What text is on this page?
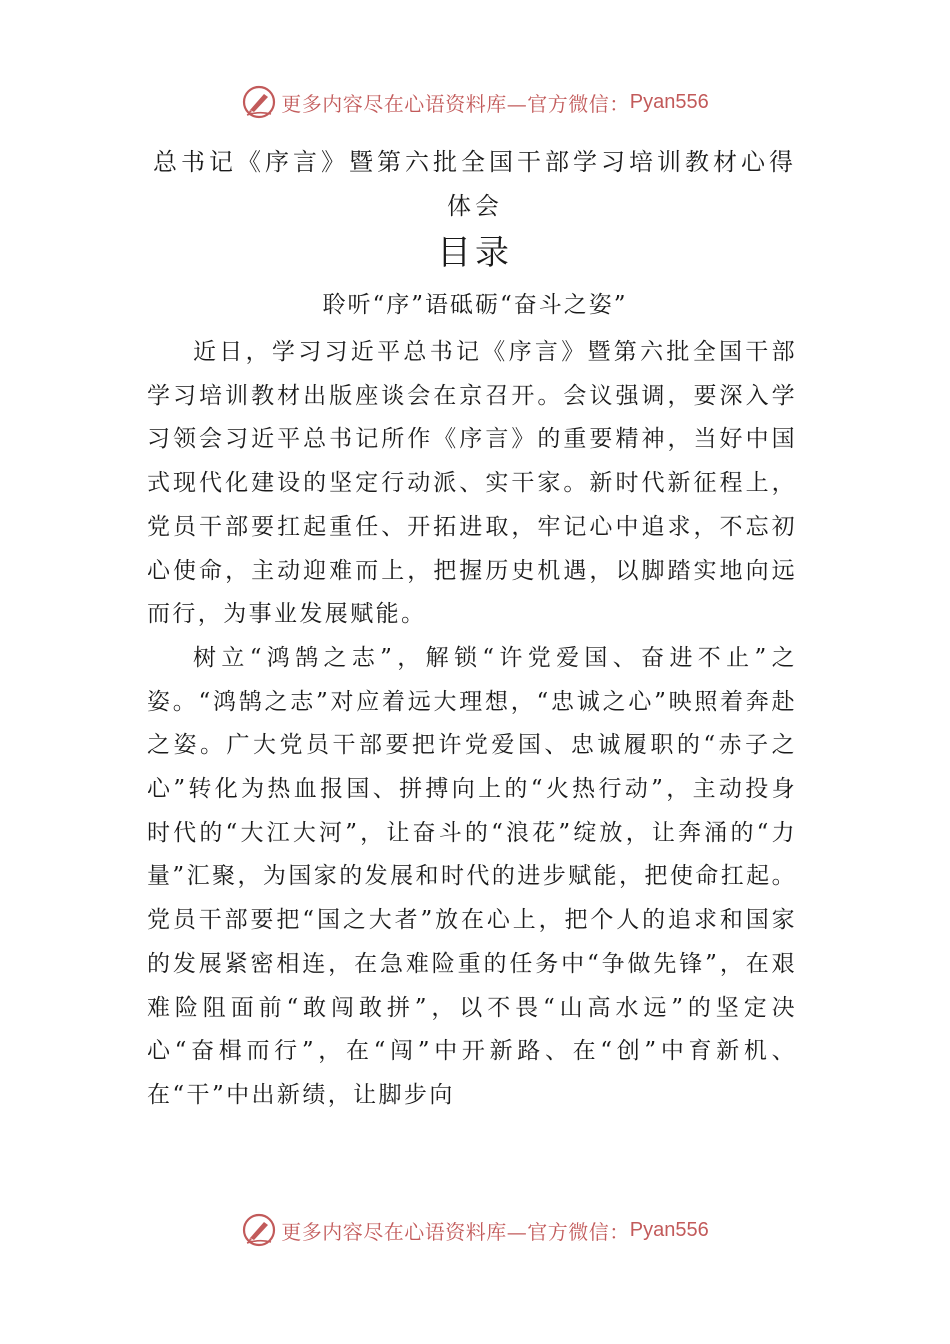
更多内容尽在心语资料库—官方微信： Pyan556
总书记《序言》暨第六批全国干部学习培训教材心得体会
目录
聆听“序”语砥砺“奋斗之姿”

近日，学习习近平总书记《序言》暨第六批全国干部学习培训教材出版座谈会在京召开。会议强调，要深入学习领会习近平总书记所作《序言》的重要精神，当好中国式现代化建设的坚定行动派、实干家。新时代新征程上，党员干部要扛起重任、开拓进取，牢记心中追求，不忘初心使命，主动迎难而上，把握历史机遇，以脚踏实地向远而行，为事业发展赋能。

树立“鸿鹄之志”，解锁“许党爱国、奋进不止”之姿。“鸿鹄之志”对应着远大理想，“忠诚之心”映照着奔赴之姿。广大党员干部要把许党爱国、忠诚履职的“赤子之心”转化为热血报国、拼搏向上的“火热行动”，主动投身时代的“大江大河”，让奋斗的“浪花”绽放，让奔涌的“力量”汇聚，为国家的发展和时代的进步赋能，把使命扛起。党员干部要把“国之大者”放在心上，把个人的追求和国家的发展紧密相连，在急难险重的任务中“争做先锋”，在艰难险阻面前“敢闯敢拼”，以不畏“山高水远”的坚定决心“奋楫而行”，在“闯”中开新路、在“创”中育新机、在“干”中出新绩，让脚步向

更多内容尽在心语资料库—官方微信： Pyan556
